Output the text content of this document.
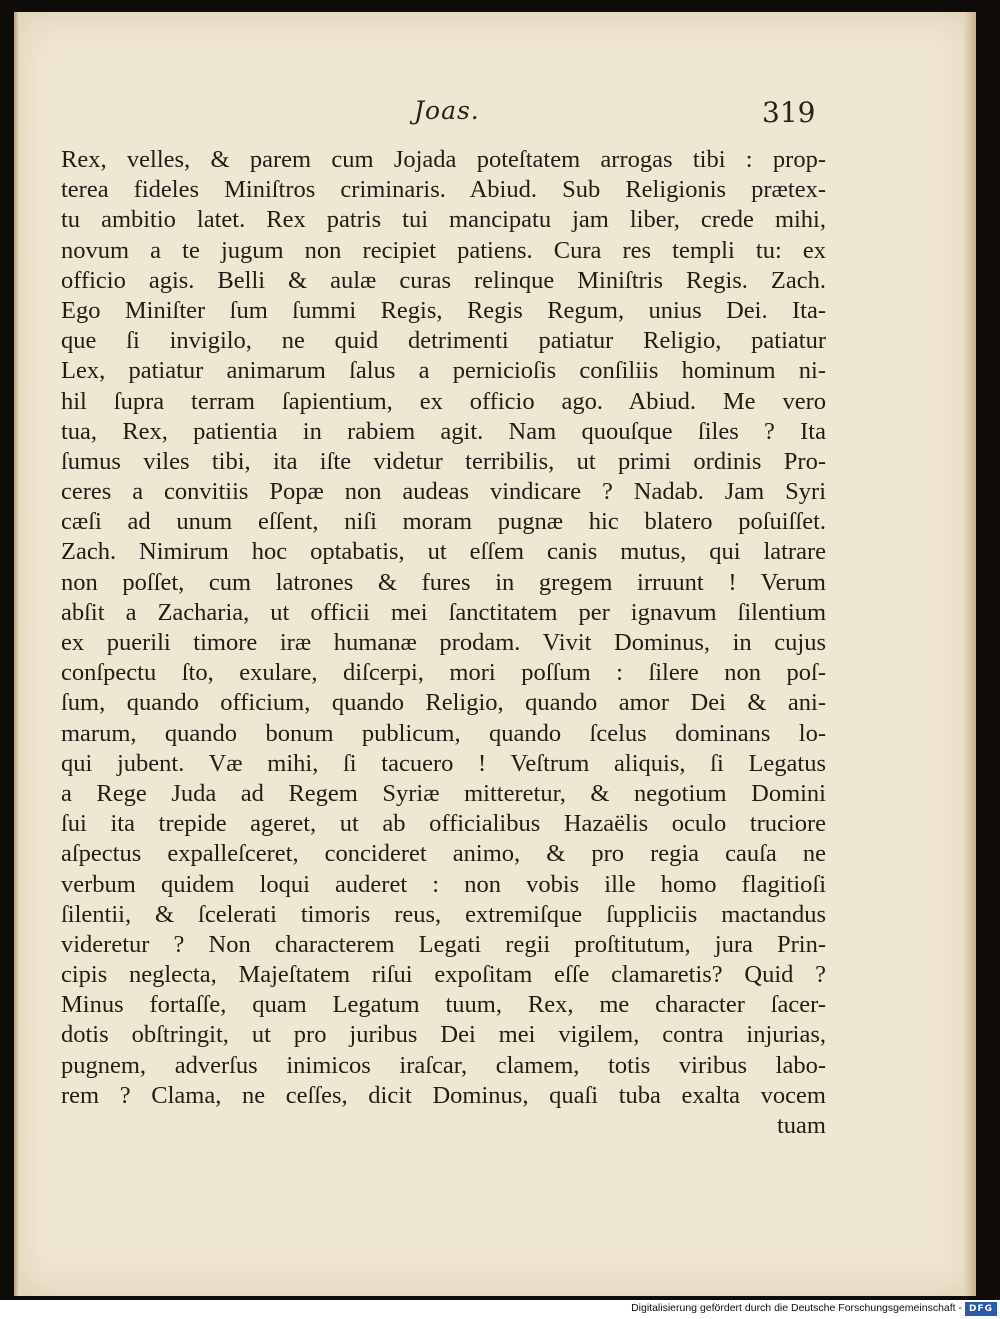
Joas.	319
Rex, velles, & parem cum Jojada poteſtatem arrogas tibi : prop-
terea fideles Miniſtros criminaris. Abiud. Sub Religionis prætex-
tu ambitio latet. Rex patris tui mancipatu jam liber, crede mihi,
novum a te jugum non recipiet patiens. Cura res templi tu: ex
officio agis. Belli & aulæ curas relinque Miniſtris Regis. Zach.
Ego Miniſter ſum ſummi Regis, Regis Regum, unius Dei. Ita-
que ſi invigilo, ne quid detrimenti patiatur Religio, patiatur
Lex, patiatur animarum ſalus a pernicioſis conſiliis hominum ni-
hil ſupra terram ſapientium, ex officio ago. Abiud. Me vero
tua, Rex, patientia in rabiem agit. Nam quouſque ſiles ? Ita
ſumus viles tibi, ita iſte videtur terribilis, ut primi ordinis Pro-
ceres a convitiis Popæ non audeas vindicare ? Nadab. Jam Syri
cæſi ad unum eſſent, niſi moram pugnæ hic blatero poſuiſſet.
Zach. Nimirum hoc optabatis, ut eſſem canis mutus, qui latrare
non poſſet, cum latrones & fures in gregem irruunt ! Verum
abſit a Zacharia, ut officii mei ſanctitatem per ignavum ſilentium
ex puerili timore iræ humanæ prodam. Vivit Dominus, in cujus
conſpectu ſto, exulare, diſcerpi, mori poſſum : ſilere non poſ-
ſum, quando officium, quando Religio, quando amor Dei & ani-
marum, quando bonum publicum, quando ſcelus dominans lo-
qui jubent. Væ mihi, ſi tacuero ! Veſtrum aliquis, ſi Legatus
a Rege Juda ad Regem Syriæ mitteretur, & negotium Domini
ſui ita trepide ageret, ut ab officialibus Hazaëlis oculo truciore
aſpectus expalleſceret, concideret animo, & pro regia cauſa ne
verbum quidem loqui auderet : non vobis ille homo flagitioſi
ſilentii, & ſcelerati timoris reus, extremiſque ſuppliciis mactandus
videretur ? Non characterem Legati regii proſtitutum, jura Prin-
cipis neglecta, Majeſtatem riſui expoſitam eſſe clamaretis? Quid ?
Minus fortaſſe, quam Legatum tuum, Rex, me character ſacer-
dotis obſtringit, ut pro juribus Dei mei vigilem, contra injurias,
pugnem, adverſus inimicos iraſcar, clamem, totis viribus labo-
rem ? Clama, ne ceſſes, dicit Dominus, quaſi tuba exalta vocem
tuam
Digitalisierung gefördert durch die Deutsche Forschungsgemeinschaft - DFG
